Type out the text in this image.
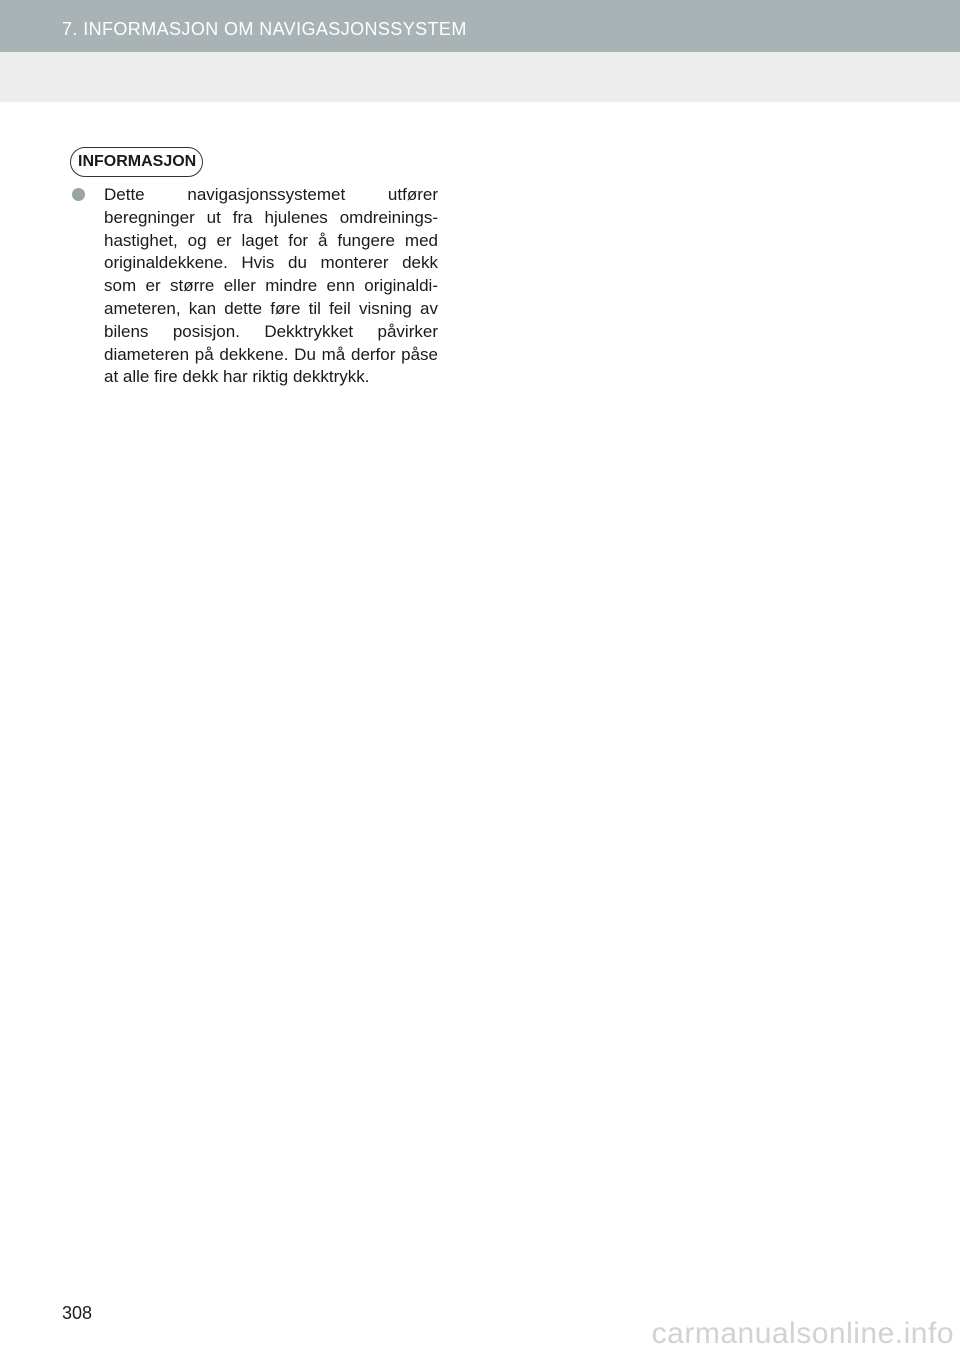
7. INFORMASJON OM NAVIGASJONSSYSTEM
INFORMASJON
Dette navigasjonssystemet utfører beregninger ut fra hjulenes omdreinings-hastighet, og er laget for å fungere med originaldekkene. Hvis du monterer dekk som er større eller mindre enn originaldi-ameteren, kan dette føre til feil visning av bilens posisjon. Dekktrykket påvirker diameteren på dekkene. Du må derfor påse at alle fire dekk har riktig dekktrykk.
308
carmanualsonline.info
